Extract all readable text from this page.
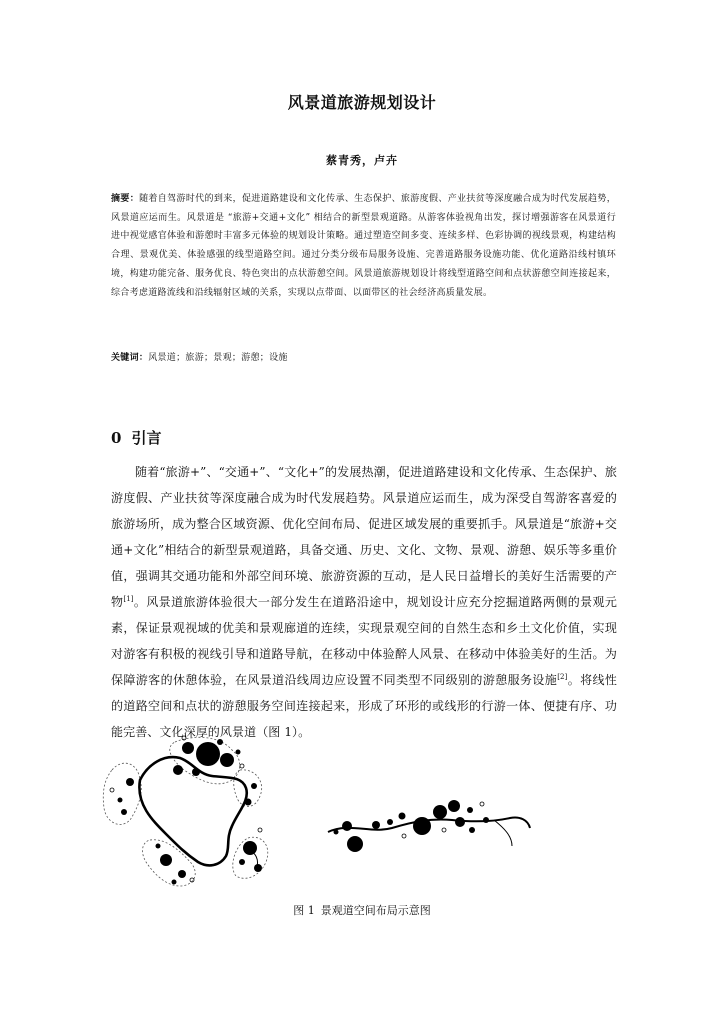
风景道旅游规划设计
蔡青秀，卢卉

摘要：随着自驾游时代的到来，促进道路建设和文化传承、生态保护、旅游度假、产业扶贫等深度融合成为时代发展趋势，风景道应运而生。风景道是 “旅游+交通+文化” 相结合的新型景观道路。从游客体验视角出发，探讨增强游客在风景道行进中视觉感官体验和游憩时丰富多元体验的规划设计策略。通过塑造空间多变、连续多样、色彩协调的视线景观，构建结构合理、景观优美、体验感强的线型道路空间。通过分类分级布局服务设施、完善道路服务设施功能、优化道路沿线村镇环境，构建功能完备、服务优良、特色突出的点状游憩空间。风景道旅游规划设计将线型道路空间和点状游憩空间连接起来，综合考虑道路流线和沿线辐射区域的关系，实现以点带面、以面带区的社会经济高质量发展。

关键词：风景道；旅游；景观；游憩；设施

0 引言

随着“旅游+”、“交通+”、“文化+”的发展热潮，促进道路建设和文化传承、生态保护、旅游度假、产业扶贫等深度融合成为时代发展趋势。风景道应运而生，成为深受自驾游客喜爱的旅游场所，成为整合区域资源、优化空间布局、促进区域发展的重要抓手。风景道是“旅游+交通+文化”相结合的新型景观道路，具备交通、历史、文化、文物、景观、游憩、娱乐等多重价值，强调其交通功能和外部空间环境、旅游资源的互动，是人民日益增长的美好生活需要的产物[1]。风景道旅游体验很大一部分发生在道路沿途中，规划设计应充分挖掘道路两侧的景观元素，保证景观视域的优美和景观廊道的连续，实现景观空间的自然生态和乡土文化价值，实现对游客有积极的视线引导和道路导航，在移动中体验醉人风景、在移动中体验美好的生活。为保障游客的休憩体验，在风景道沿线周边应设置不同类型不同级别的游憩服务设施[2]。将线性的道路空间和点状的游憩服务空间连接起来，形成了环形的或线形的行游一体、便捷有序、功能完善、文化深厚的风景道（图 1）。

图 1 景观道空间布局示意图
